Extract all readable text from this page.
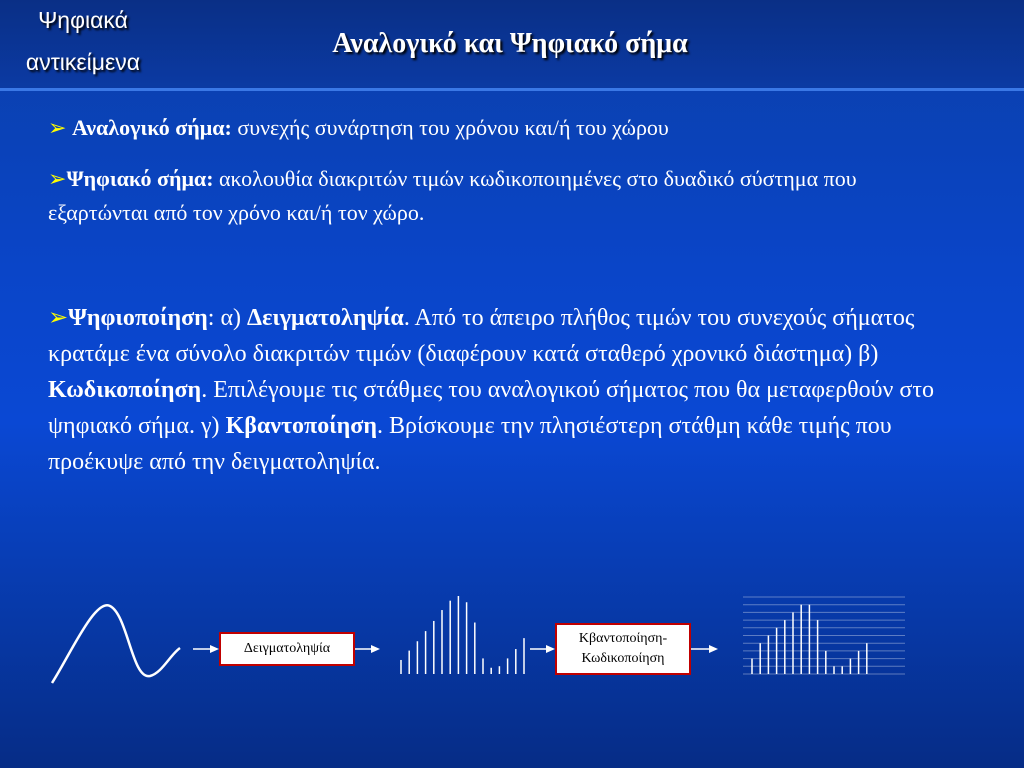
Ψηφιακά
αντικείμενα
Αναλογικό και Ψηφιακό σήμα
➢ Αναλογικό σήμα: συνεχής συνάρτηση του χρόνου και/ή του χώρου
➢Ψηφιακό σήμα: ακολουθία διακριτών τιμών κωδικοποιημένες στο δυαδικό σύστημα που εξαρτώνται από τον χρόνο και/ή τον χώρο.
➢Ψηφιοποίηση: α) Δειγματοληψία. Από το άπειρο πλήθος τιμών του συνεχούς σήματος κρατάμε ένα σύνολο διακριτών τιμών (διαφέρουν κατά σταθερό χρονικό διάστημα) β) Κωδικοποίηση. Επιλέγουμε τις στάθμες του αναλογικού σήματος που θα μεταφερθούν στο ψηφιακό σήμα. γ) Κβαντοποίηση. Βρίσκουμε την πλησιέστερη στάθμη κάθε τιμής που προέκυψε από την δειγματοληψία.
Δειγματοληψία
Κβαντοποίηση-
Κωδικοποίηση
